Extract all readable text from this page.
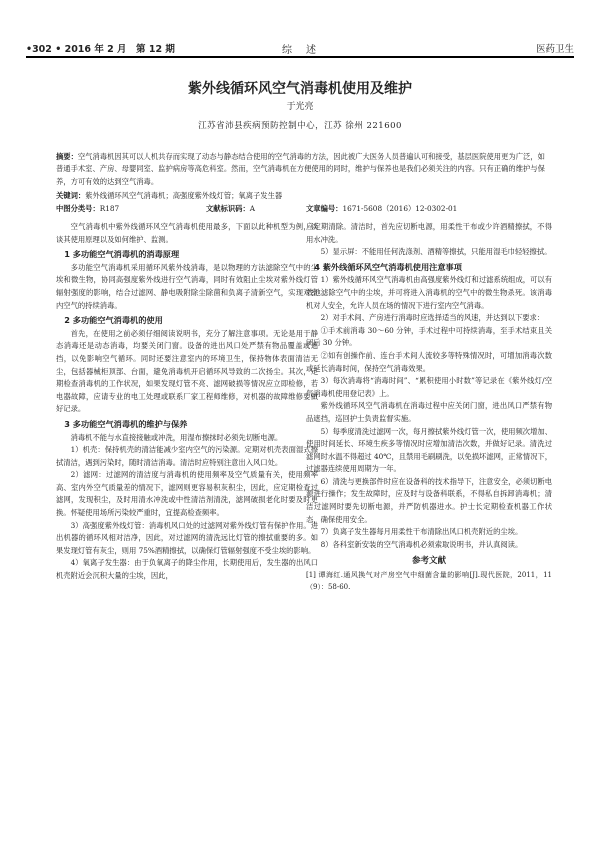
•302 • 2016 年 2 月　第 12 期	综　述	医药卫生
紫外线循环风空气消毒机使用及维护
于光亮
江苏省沛县疾病预防控制中心，江苏 徐州 221600
摘要：空气消毒机因其可以人机共存而实现了动态与静态结合使用的空气消毒的方法，因此被广大医务人员普遍认可和接受，基层医院使用更为广泛，如普通手术室、产房、母婴同室、监护病房等高危科室。然而，空气消毒机在方便使用的同时，维护与保养也是我们必须关注的内容。只有正确的维护与保养，方可有效的达到空气消毒。
关键词：紫外线循环风空气消毒机；高强度紫外线灯管；氧离子发生器
中图分类号：R187	文献标识码：A	文章编号：1671-5608（2016）12-0302-01

空气消毒机中紫外线循环风空气消毒机使用最多，下面以此种机型为例，谈谈其使用原理以及如何维护、监测。

1 多功能空气消毒机的消毒原理

多功能空气消毒机采用循环风紫外线消毒，是以物理的方法滤除空气中的尘埃和微生物，协同高强度紫外线进行空气消毒，同时有效阻止尘埃对紫外线灯管辐射强度的影响，结合过滤网、静电吸附除尘除菌和负离子清新空气，实现对室内空气的持续消毒。

2 多功能空气消毒机的使用

首先，在使用之前必须仔细阅读说明书，充分了解注意事项。无论是用于静态消毒还是动态消毒，均要关闭门窗。设备的进出风口处严禁有物品覆盖或遮挡，以免影响空气循环。同时还要注意室内的环境卫生，保持物体表面清洁无尘，包括器械柜顶部、台面，避免消毒机开启循环风导致的二次扬尘。其次，定期检查消毒机的工作状况，如果发现灯管不亮、滤网破损等情况应立即检修，若电器故障，应请专业的电工处理或联系厂家工程师维修，对机器的故障维修要做好记录。

3 多功能空气消毒机的维护与保养

消毒机不能与水直接接触或冲洗，用湿布擦抹时必须先切断电源。

1）机壳：保持机壳的清洁能减少室内空气的污染源。定期对机壳表面湿式擦拭清洁，遇到污染时，随时清洁消毒。清洁时应特别注意出入风口处。

2）滤网：过滤网的清洁度与消毒机的使用频率及空气质量有关，使用频率高、室内外空气质量差的情况下，滤网则更容易积灰积尘，因此，应定期检查过滤网，发现积尘，及时用清水冲洗或中性清洁剂清洗，滤网破损老化时要及时更换。怀疑使用场所污染较严重时，宜提高检查频率。

3）高强度紫外线灯管：消毒机风口处的过滤网对紫外线灯管有保护作用。进出机器的循环风相对洁净，因此，对过滤网的清洗远比灯管的擦拭重要的多。如果发现灯管有灰尘，则用 75%酒精擦拭，以确保灯管辐射强度不受尘埃的影响。

4）氧离子发生器：由于负氧离子的降尘作用，长期使用后，发生器的出风口机壳附近会沉积大量的尘埃，因此，

应定期清除。清洁时，首先应切断电源，用柔性干布或少许酒精擦拭，不得用水冲洗。

5）显示屏：不能用任何洗涤剂、酒精等擦拭，只能用湿毛巾轻轻擦拭。

4 紫外线循环风空气消毒机使用注意事项

1）紫外线循环风空气消毒机由高强度紫外线灯和过滤系统组成，可以有效地滤除空气中的尘埃，并可将进入消毒机的空气中的微生物杀死。该消毒机对人安全，允许人员在场的情况下进行室内空气消毒。

2）对手术间、产房进行消毒时应选择适当的风速，并达到以下要求：

①手术前消毒 30～60 分钟，手术过程中可持续消毒，至手术结束且关闭后 30 分钟。

②如有创操作前、连台手术间人流较多等特殊情况时，可增加消毒次数或延长消毒时间，保持空气消毒效果。

3）每次消毒将“消毒时间”、“累积使用小时数”等记录在《紫外线灯/空气消毒机使用登记表》上。

紫外线循环风空气消毒机在消毒过程中应关闭门窗，进出风口严禁有物品遮挡，巡回护士负责监督实施。

5）每季度清洗过滤网一次，每月擦拭紫外线灯管一次，使用频次增加、使用时间延长、环境生疾多等情况时应增加清洁次数，并做好记录。清洗过滤网时水温不得超过 40℃，且禁用毛刷刷洗，以免损坏滤网，正常情况下，过滤器连续使用周期为一年。

6）清洗与更换部件时应在设备科的技术指导下，注意安全，必须切断电源进行操作；发生故障时，应及时与设备科联系，不得私自拆卸消毒机；清洁过滤网时要先切断电源，并严防机器进水。护士长定期检查机器工作状态，确保使用安全。

7）负离子发生器每月用柔性干布清除出风口机壳附近的尘埃。

8）各科室新安装的空气消毒机必须索取说明书，并认真阅读。

参考文献

[1] 谭海红.通风换气对产房空气中细菌含量的影响[J].现代医院，2011，11（9）：58-60.
